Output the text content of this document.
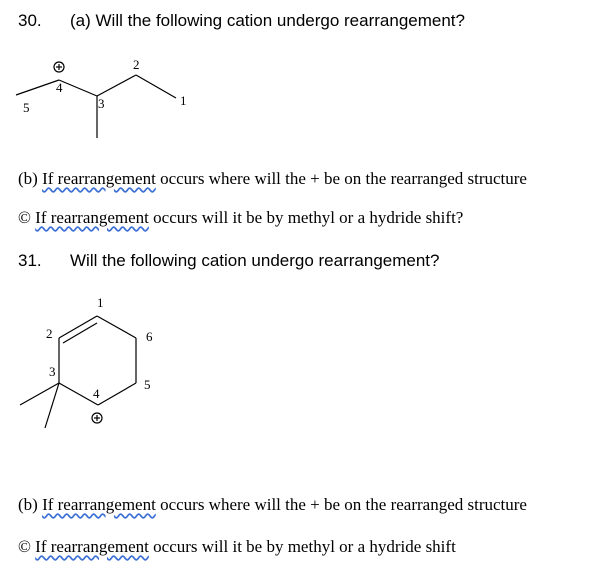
30. (a) Will the following cation undergo rearrangement?
5
4
3
2
1
1
2
3
4
5
6
(b) If rearrangement occurs where will the + be on the rearranged structure
© If rearrangement occurs will it be by methyl or a hydride shift?
31. Will the following cation undergo rearrangement?
(b) If rearrangement occurs where will the + be on the rearranged structure
© If rearrangement occurs will it be by methyl or a hydride shift
